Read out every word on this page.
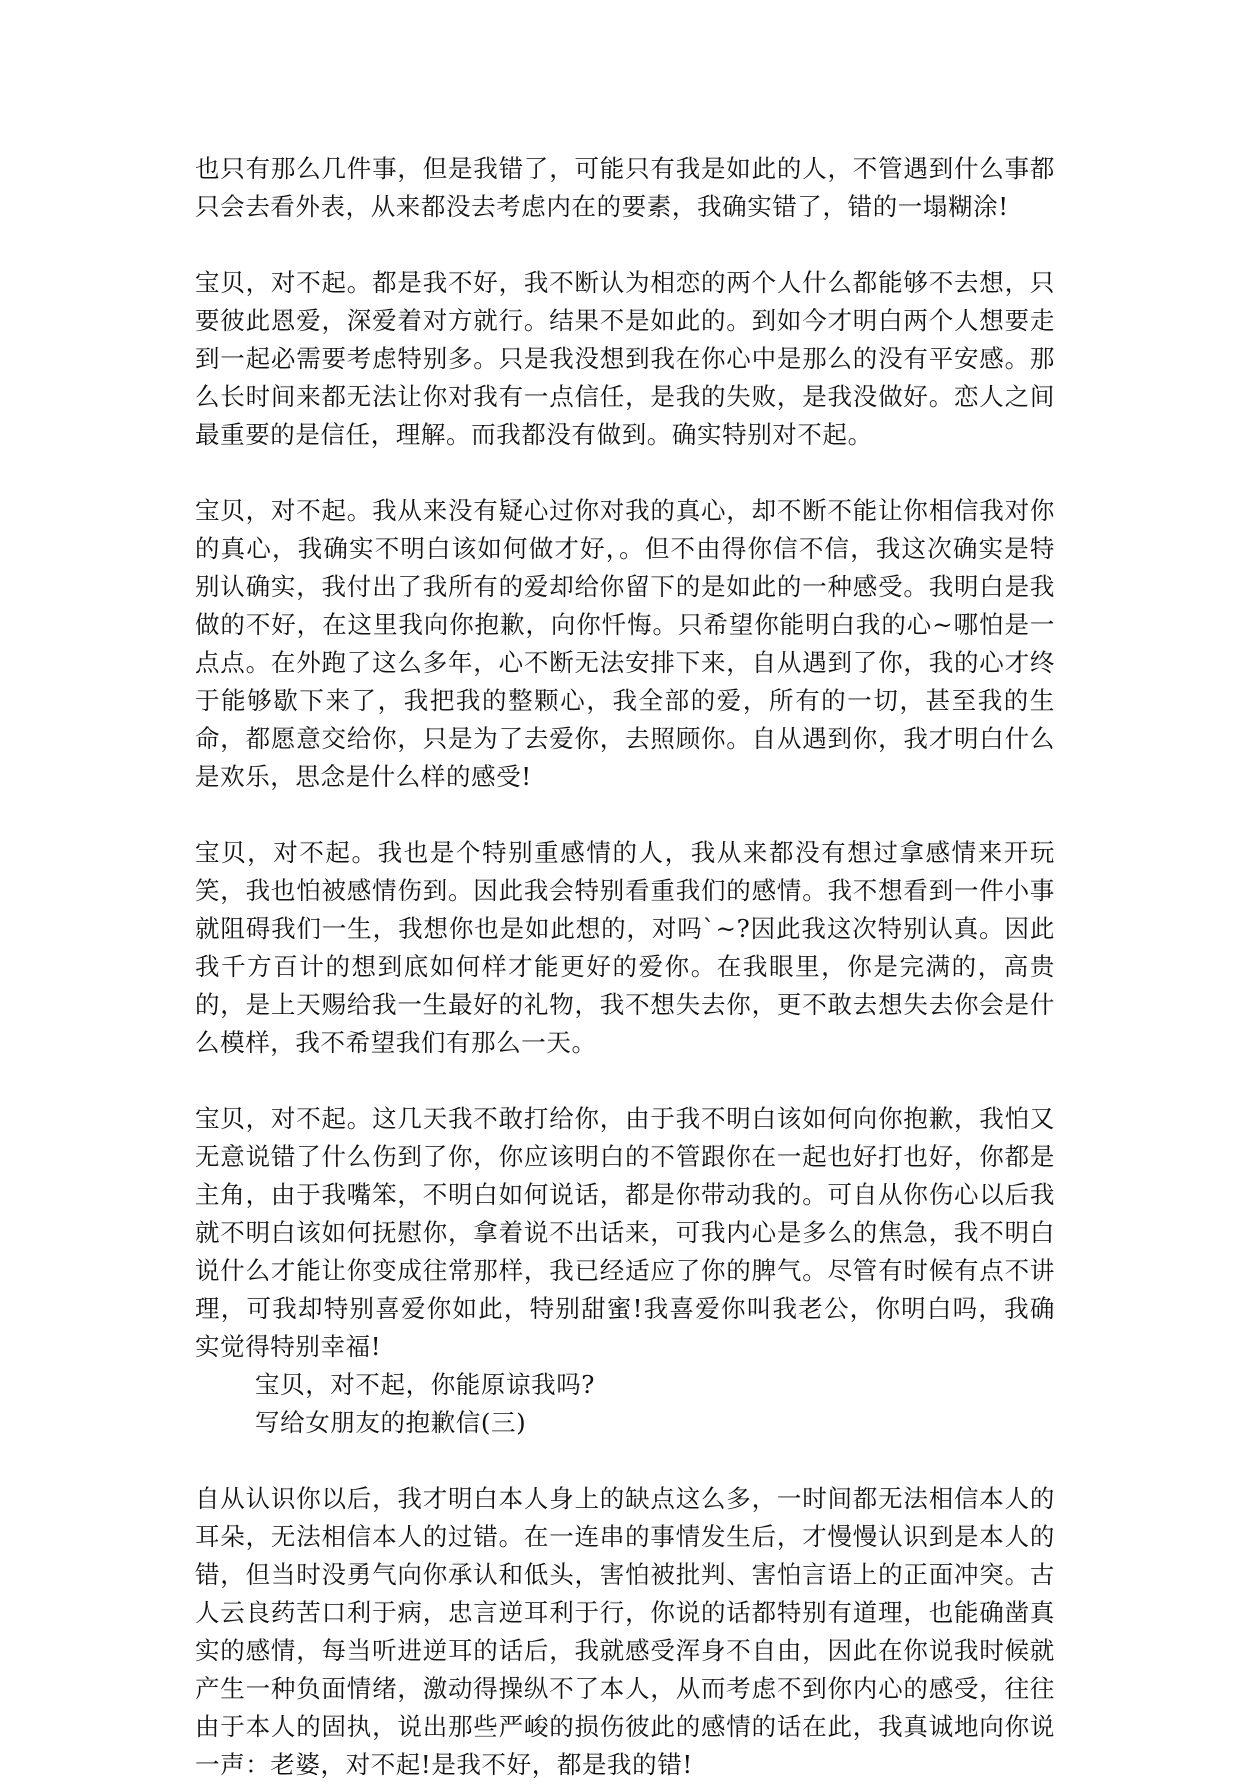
也只有那么几件事，但是我错了，可能只有我是如此的人，不管遇到什么事都只会去看外表，从来都没去考虑内在的要素，我确实错了，错的一塌糊涂!

宝贝，对不起。都是我不好，我不断认为相恋的两个人什么都能够不去想，只要彼此恩爱，深爱着对方就行。结果不是如此的。到如今才明白两个人想要走到一起必需要考虑特别多。只是我没想到我在你心中是那么的没有平安感。那么长时间来都无法让你对我有一点信任，是我的失败，是我没做好。恋人之间最重要的是信任，理解。而我都没有做到。确实特别对不起。

宝贝，对不起。我从来没有疑心过你对我的真心，却不断不能让你相信我对你的真心，我确实不明白该如何做才好，。但不由得你信不信，我这次确实是特别认确实，我付出了我所有的爱却给你留下的是如此的一种感受。我明白是我做的不好，在这里我向你抱歉，向你忏悔。只希望你能明白我的心~哪怕是一点点。在外跑了这么多年，心不断无法安排下来，自从遇到了你，我的心才终于能够歇下来了，我把我的整颗心，我全部的爱，所有的一切，甚至我的生命，都愿意交给你，只是为了去爱你，去照顾你。自从遇到你，我才明白什么是欢乐，思念是什么样的感受!

宝贝，对不起。我也是个特别重感情的人，我从来都没有想过拿感情来开玩笑，我也怕被感情伤到。因此我会特别看重我们的感情。我不想看到一件小事就阻碍我们一生，我想你也是如此想的，对吗`~?因此我这次特别认真。因此我千方百计的想到底如何样才能更好的爱你。在我眼里，你是完满的，高贵的，是上天赐给我一生最好的礼物，我不想失去你，更不敢去想失去你会是什么模样，我不希望我们有那么一天。

宝贝，对不起。这几天我不敢打给你，由于我不明白该如何向你抱歉，我怕又无意说错了什么伤到了你，你应该明白的不管跟你在一起也好打也好，你都是主角，由于我嘴笨，不明白如何说话，都是你带动我的。可自从你伤心以后我就不明白该如何抚慰你，拿着说不出话来，可我内心是多么的焦急，我不明白说什么才能让你变成往常那样，我已经适应了你的脾气。尽管有时候有点不讲理，可我却特别喜爱你如此，特别甜蜜!我喜爱你叫我老公，你明白吗，我确实觉得特别幸福!

宝贝，对不起，你能原谅我吗?

写给女朋友的抱歉信(三)

自从认识你以后，我才明白本人身上的缺点这么多，一时间都无法相信本人的耳朵，无法相信本人的过错。在一连串的事情发生后，才慢慢认识到是本人的错，但当时没勇气向你承认和低头，害怕被批判、害怕言语上的正面冲突。古人云良药苦口利于病，忠言逆耳利于行，你说的话都特别有道理，也能确凿真实的感情，每当听进逆耳的话后，我就感受浑身不自由，因此在你说我时候就产生一种负面情绪，激动得操纵不了本人，从而考虑不到你内心的感受，往往由于本人的固执，说出那些严峻的损伤彼此的感情的话在此，我真诚地向你说一声：老婆，对不起!是我不好，都是我的错!
